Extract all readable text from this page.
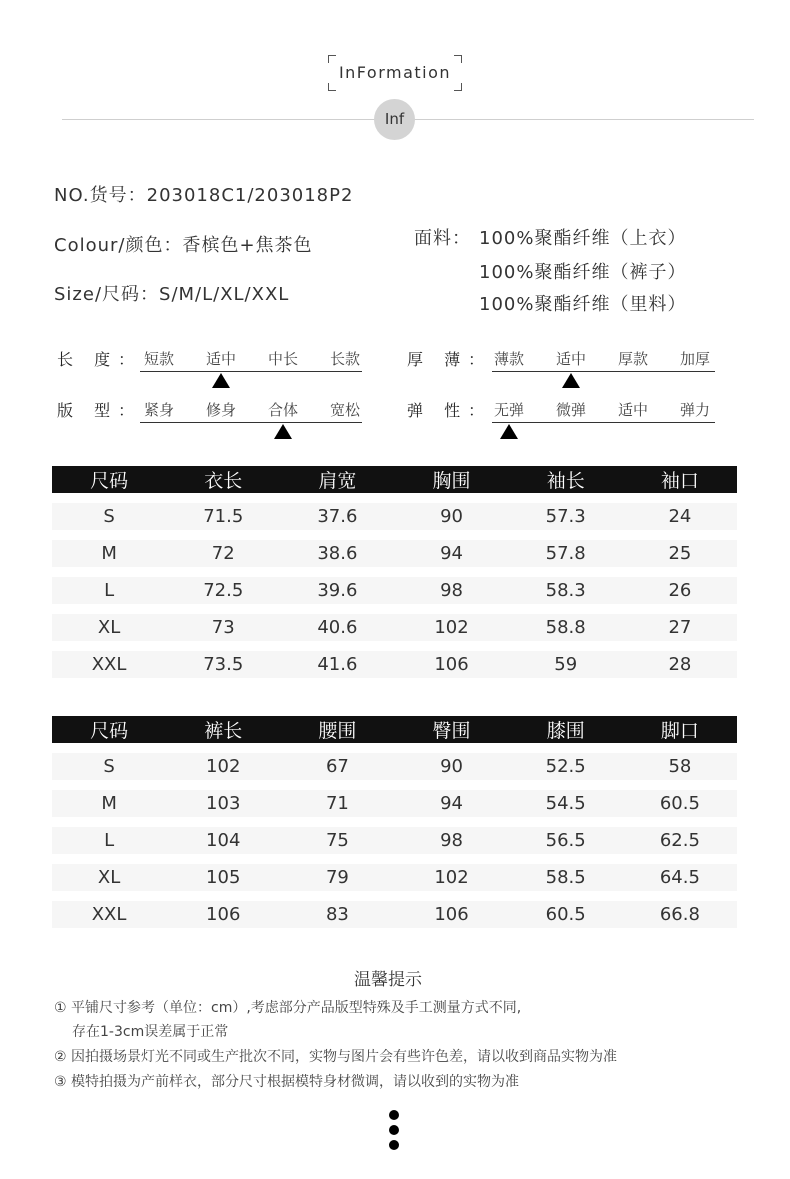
InFormation
Inf
NO.货号：203018C1/203018P2
Colour/颜色：香槟色+焦茶色
Size/尺码：S/M/L/XL/XXL
面料： 100%聚酯纤维（上衣）
100%聚酯纤维（裤子）
100%聚酯纤维（里料）
长 度： 短款	适中	中长	长款	厚 薄： 薄款	适中	厚款	加厚
版 型： 紧身	修身	合体	宽松	弹 性： 无弹	微弹	适中	弹力
尺码	衣长	肩宽	胸围	袖长	袖口
S	71.5	37.6	90	57.3	24
M	72	38.6	94	57.8	25
L	72.5	39.6	98	58.3	26
XL	73	40.6	102	58.8	27
XXL	73.5	41.6	106	59	28
尺码	裤长	腰围	臀围	膝围	脚口
S	102	67	90	52.5	58
M	103	71	94	54.5	60.5
L	104	75	98	56.5	62.5
XL	105	79	102	58.5	64.5
XXL	106	83	106	60.5	66.8
温馨提示
① 平铺尺寸参考（单位：cm）,考虑部分产品版型特殊及手工测量方式不同,
存在1-3cm误差属于正常
② 因拍摄场景灯光不同或生产批次不同，实物与图片会有些许色差，请以收到商品实物为准
③ 模特拍摄为产前样衣，部分尺寸根据模特身材微调，请以收到的实物为准
